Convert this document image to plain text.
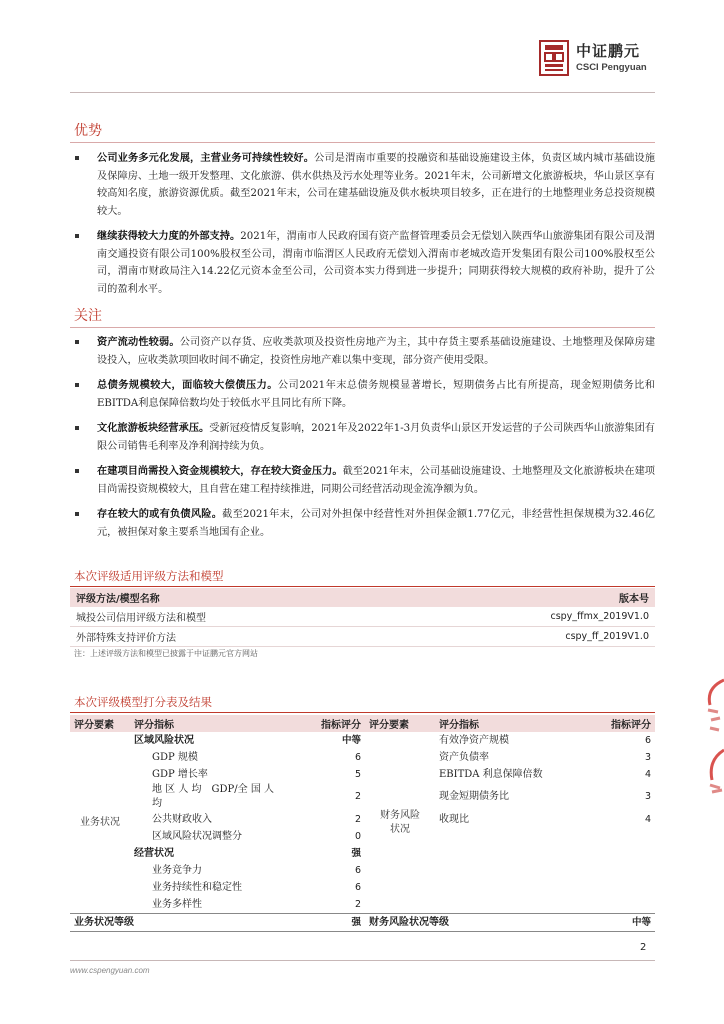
中证鹏元
CSCI Pengyuan
优势
公司业务多元化发展，主营业务可持续性较好。公司是渭南市重要的投融资和基础设施建设主体，负责区域内城市基础设施及保障房、土地一级开发整理、文化旅游、供水供热及污水处理等业务。2021年末，公司新增文化旅游板块，华山景区享有较高知名度，旅游资源优质。截至2021年末，公司在建基础设施及供水板块项目较多，正在进行的土地整理业务总投资规模较大。
继续获得较大力度的外部支持。2021年，渭南市人民政府国有资产监督管理委员会无偿划入陕西华山旅游集团有限公司及渭南交通投资有限公司100%股权至公司，渭南市临渭区人民政府无偿划入渭南市老城改造开发集团有限公司100%股权至公司，渭南市财政局注入14.22亿元资本金至公司，公司资本实力得到进一步提升；同期获得较大规模的政府补助，提升了公司的盈利水平。
关注
资产流动性较弱。公司资产以存货、应收类款项及投资性房地产为主，其中存货主要系基础设施建设、土地整理及保障房建设投入，应收类款项回收时间不确定，投资性房地产难以集中变现，部分资产使用受限。
总债务规模较大，面临较大偿债压力。公司2021年末总债务规模显著增长，短期债务占比有所提高，现金短期债务比和EBITDA利息保障倍数均处于较低水平且同比有所下降。
文化旅游板块经营承压。受新冠疫情反复影响，2021年及2022年1-3月负责华山景区开发运营的子公司陕西华山旅游集团有限公司销售毛利率及净利润持续为负。
在建项目尚需投入资金规模较大，存在较大资金压力。截至2021年末，公司基础设施建设、土地整理及文化旅游板块在建项目尚需投资规模较大，且自营在建工程持续推进，同期公司经营活动现金流净额为负。
存在较大的或有负债风险。截至2021年末，公司对外担保中经营性对外担保金额1.77亿元，非经营性担保规模为32.46亿元，被担保对象主要系当地国有企业。
本次评级适用评级方法和模型
评级方法/模型名称	版本号
城投公司信用评级方法和模型	cspy_ffmx_2019V1.0
外部特殊支持评价方法	cspy_ff_2019V1.0
注：上述评级方法和模型已披露于中证鹏元官方网站
本次评级模型打分表及结果
评分要素	评分指标	指标评分	评分要素	评分指标	指标评分
业务状况	区域风险状况	中等	财务风险状况	有效净资产规模	6
	GDP 规模	6		资产负债率	3
	GDP 增长率	5		EBITDA 利息保障倍数	4
	地 区 人 均　GDP/全 国 人 均	2		现金短期债务比	3
	公共财政收入	2		收现比	4
	区域风险状况调整分	0			
	经营状况	强			
	业务竞争力	6			
	业务持续性和稳定性	6			
	业务多样性	2			
业务状况等级		强	财务风险状况等级		中等
2
www.cspengyuan.com
